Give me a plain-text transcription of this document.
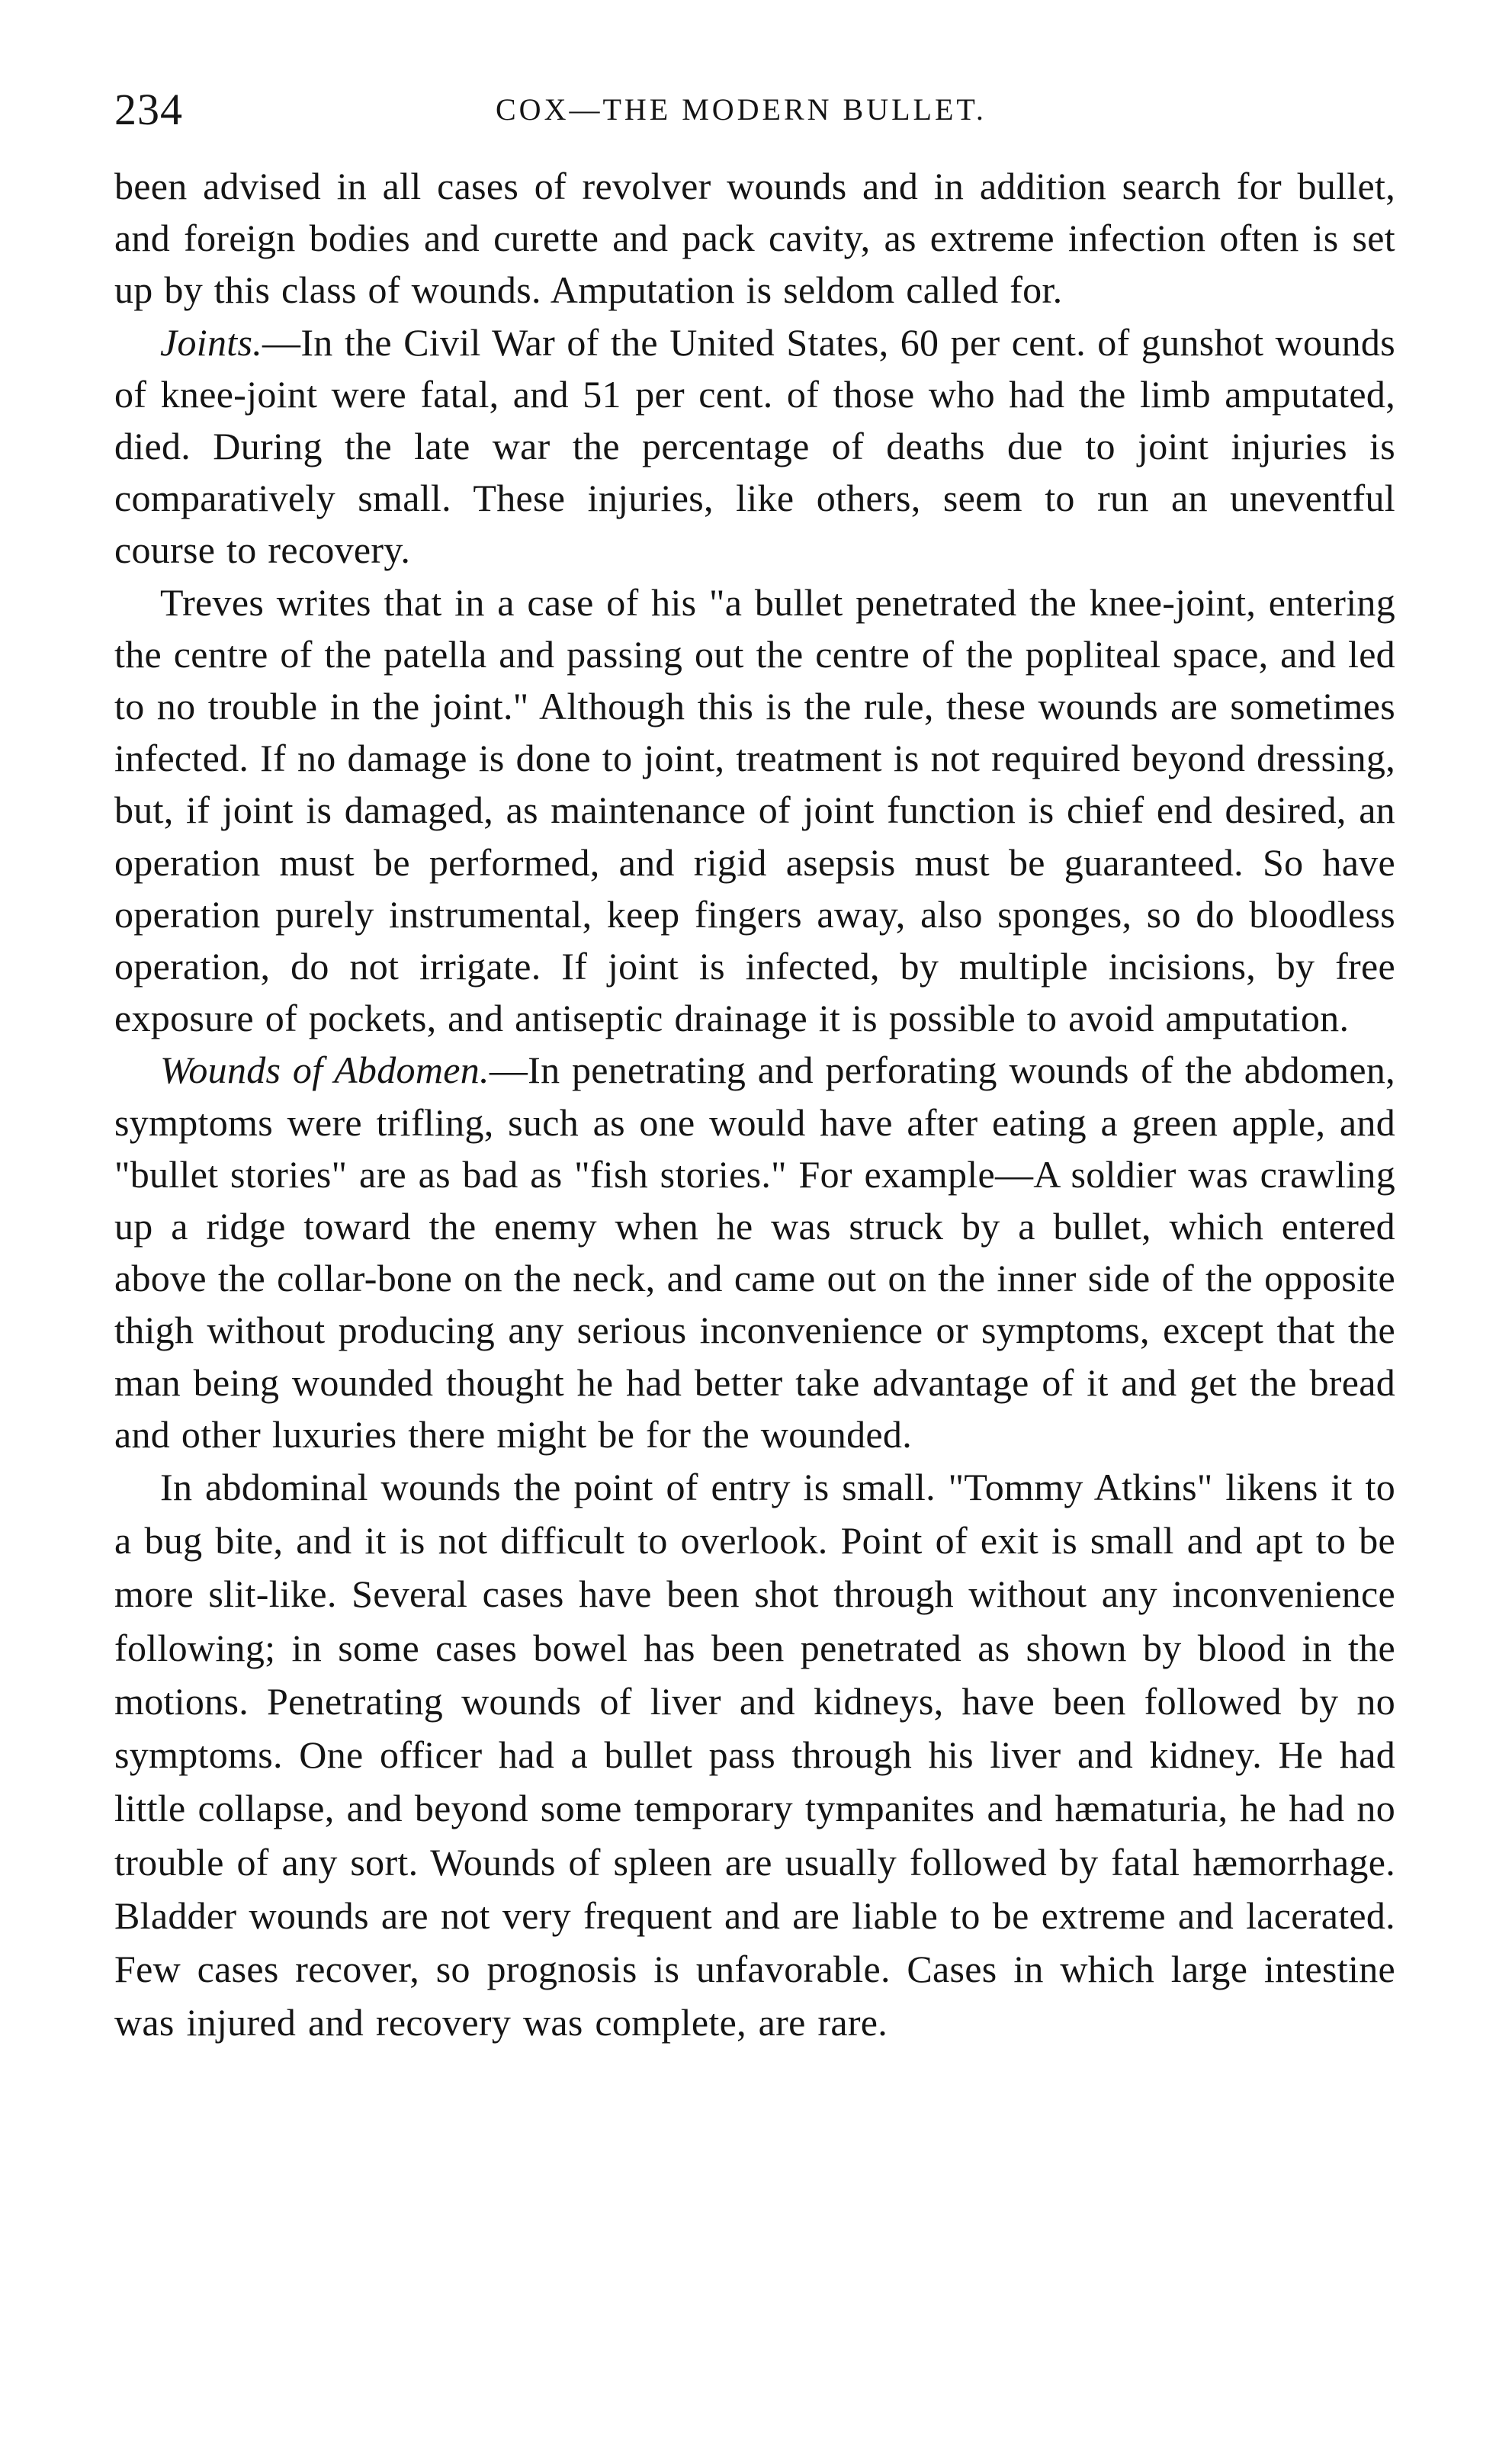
234	COX—THE MODERN BULLET.

been advised in all cases of revolver wounds and in addition search for bullet, and foreign bodies and curette and pack cavity, as extreme infection often is set up by this class of wounds. Amputation is seldom called for.

Joints.—In the Civil War of the United States, 60 per cent. of gunshot wounds of knee-joint were fatal, and 51 per cent. of those who had the limb amputated, died. During the late war the percentage of deaths due to joint injuries is comparatively small. These injuries, like others, seem to run an uneventful course to recovery.

Treves writes that in a case of his "a bullet penetrated the knee-joint, entering the centre of the patella and passing out the centre of the popliteal space, and led to no trouble in the joint." Although this is the rule, these wounds are sometimes infected. If no damage is done to joint, treatment is not required beyond dressing, but, if joint is damaged, as maintenance of joint function is chief end desired, an operation must be performed, and rigid asepsis must be guaranteed. So have operation purely instrumental, keep fingers away, also sponges, so do bloodless operation, do not irrigate. If joint is infected, by multiple incisions, by free exposure of pockets, and antiseptic drainage it is possible to avoid amputation.

Wounds of Abdomen.—In penetrating and perforating wounds of the abdomen, symptoms were trifling, such as one would have after eating a green apple, and "bullet stories" are as bad as "fish stories." For example—A soldier was crawling up a ridge toward the enemy when he was struck by a bullet, which entered above the collar-bone on the neck, and came out on the inner side of the opposite thigh without producing any serious inconvenience or symptoms, except that the man being wounded thought he had better take advantage of it and get the bread and other luxuries there might be for the wounded.

In abdominal wounds the point of entry is small. "Tommy Atkins" likens it to a bug bite, and it is not difficult to overlook. Point of exit is small and apt to be more slit-like. Several cases have been shot through without any inconvenience following; in some cases bowel has been penetrated as shown by blood in the motions. Penetrating wounds of liver and kidneys, have been followed by no symptoms. One officer had a bullet pass through his liver and kidney. He had little collapse, and beyond some temporary tympanites and hæmaturia, he had no trouble of any sort. Wounds of spleen are usually followed by fatal hæmorrhage. Bladder wounds are not very frequent and are liable to be extreme and lacerated. Few cases recover, so prognosis is unfavorable. Cases in which large intestine was injured and recovery was complete, are rare.
